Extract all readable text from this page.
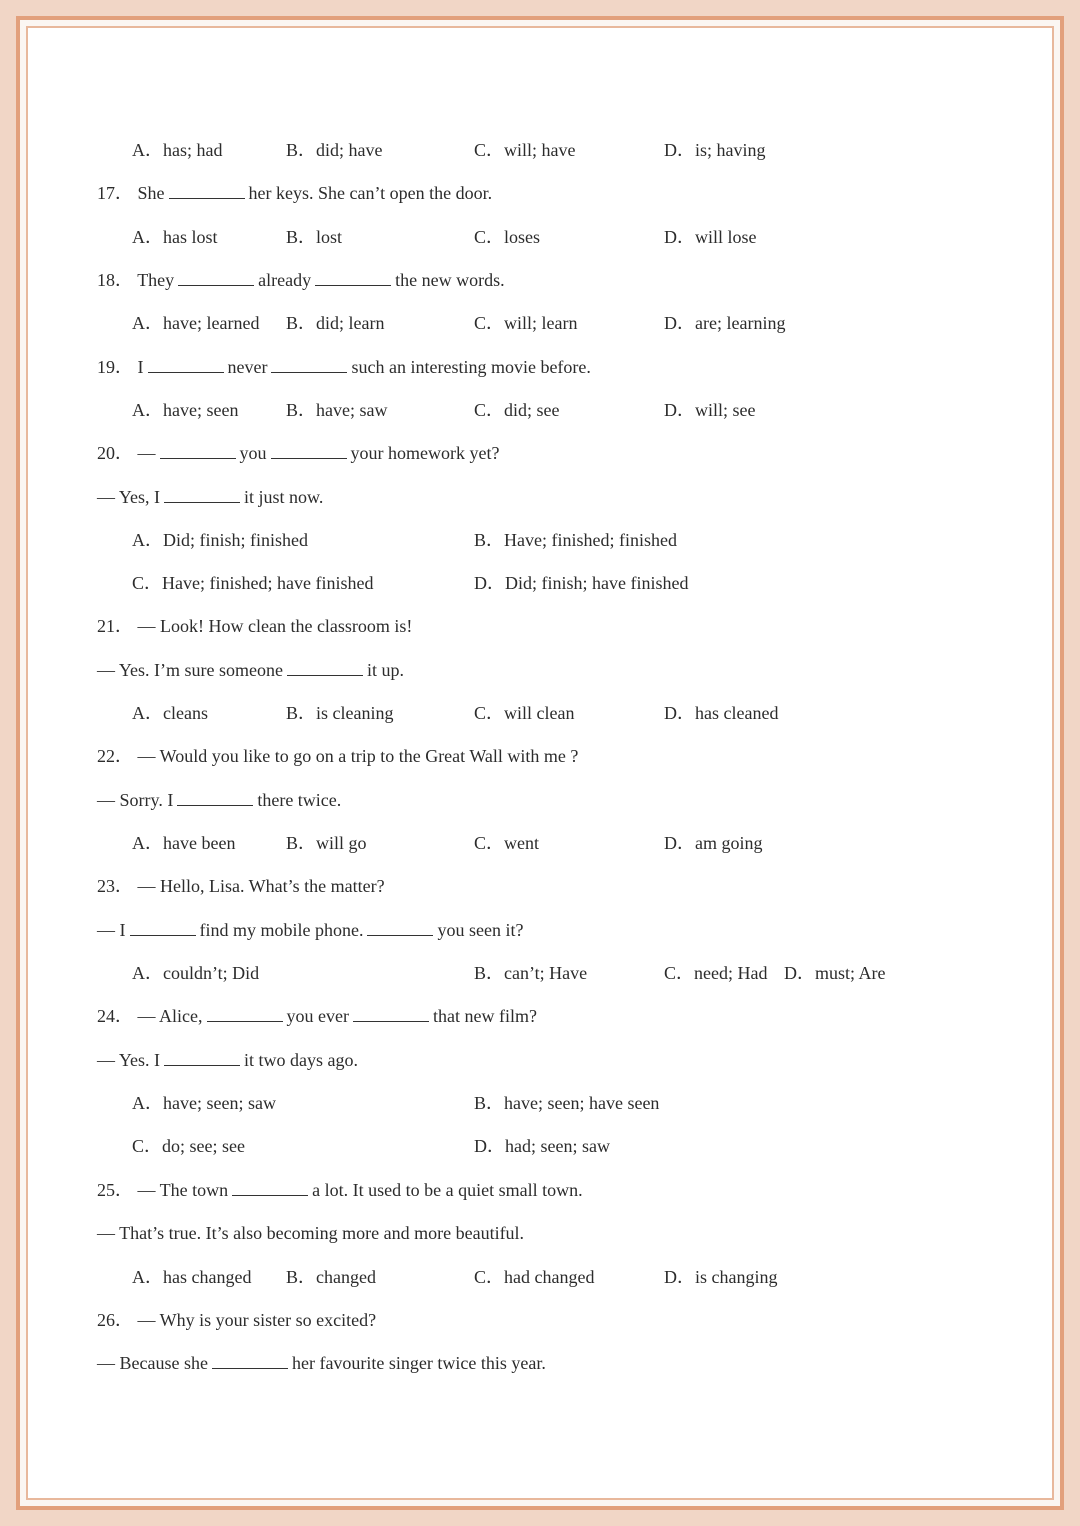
A．has; had	B．did; have	C．will; have	D．is; having
17． She	her keys. She can’t open the door.
A．has lost	B．lost	C．loses	D．will lose
18． They	already	the new words.
A．have; learned B．did; learn	C．will; learn	D．are; learning
19． I	never	such an interesting movie before.
A．have; seen	B．have; saw	C．did; see	D．will; see
20． —	you	your homework yet?
— Yes, I	it just now.
A．Did; finish; finished	B．Have; finished; finished
C．Have; finished; have finished	D．Did; finish; have finished
21． — Look! How clean the classroom is!
— Yes. I’m sure someone	it up.
A．cleans	B．is cleaning	C．will clean	D．has cleaned
22． — Would you like to go on a trip to the Great Wall with me ?
— Sorry. I	there twice.
A．have been	B．will go	C．went	D．am going
23． — Hello, Lisa. What’s the matter?
— I	find my mobile phone.	you seen it?
A．couldn’t; Did	B．can’t; Have	C．need; Had D．must; Are
24． — Alice,	you ever	that new film?
— Yes. I	it two days ago.
A．have; seen; saw	B．have; seen; have seen
C．do; see; see	D．had; seen; saw
25． — The town	a lot. It used to be a quiet small town.
— That’s true. It’s also becoming more and more beautiful.
A．has changed B．changed	C．had changed	D．is changing
26． — Why is your sister so excited?
— Because she	her favourite singer twice this year.
